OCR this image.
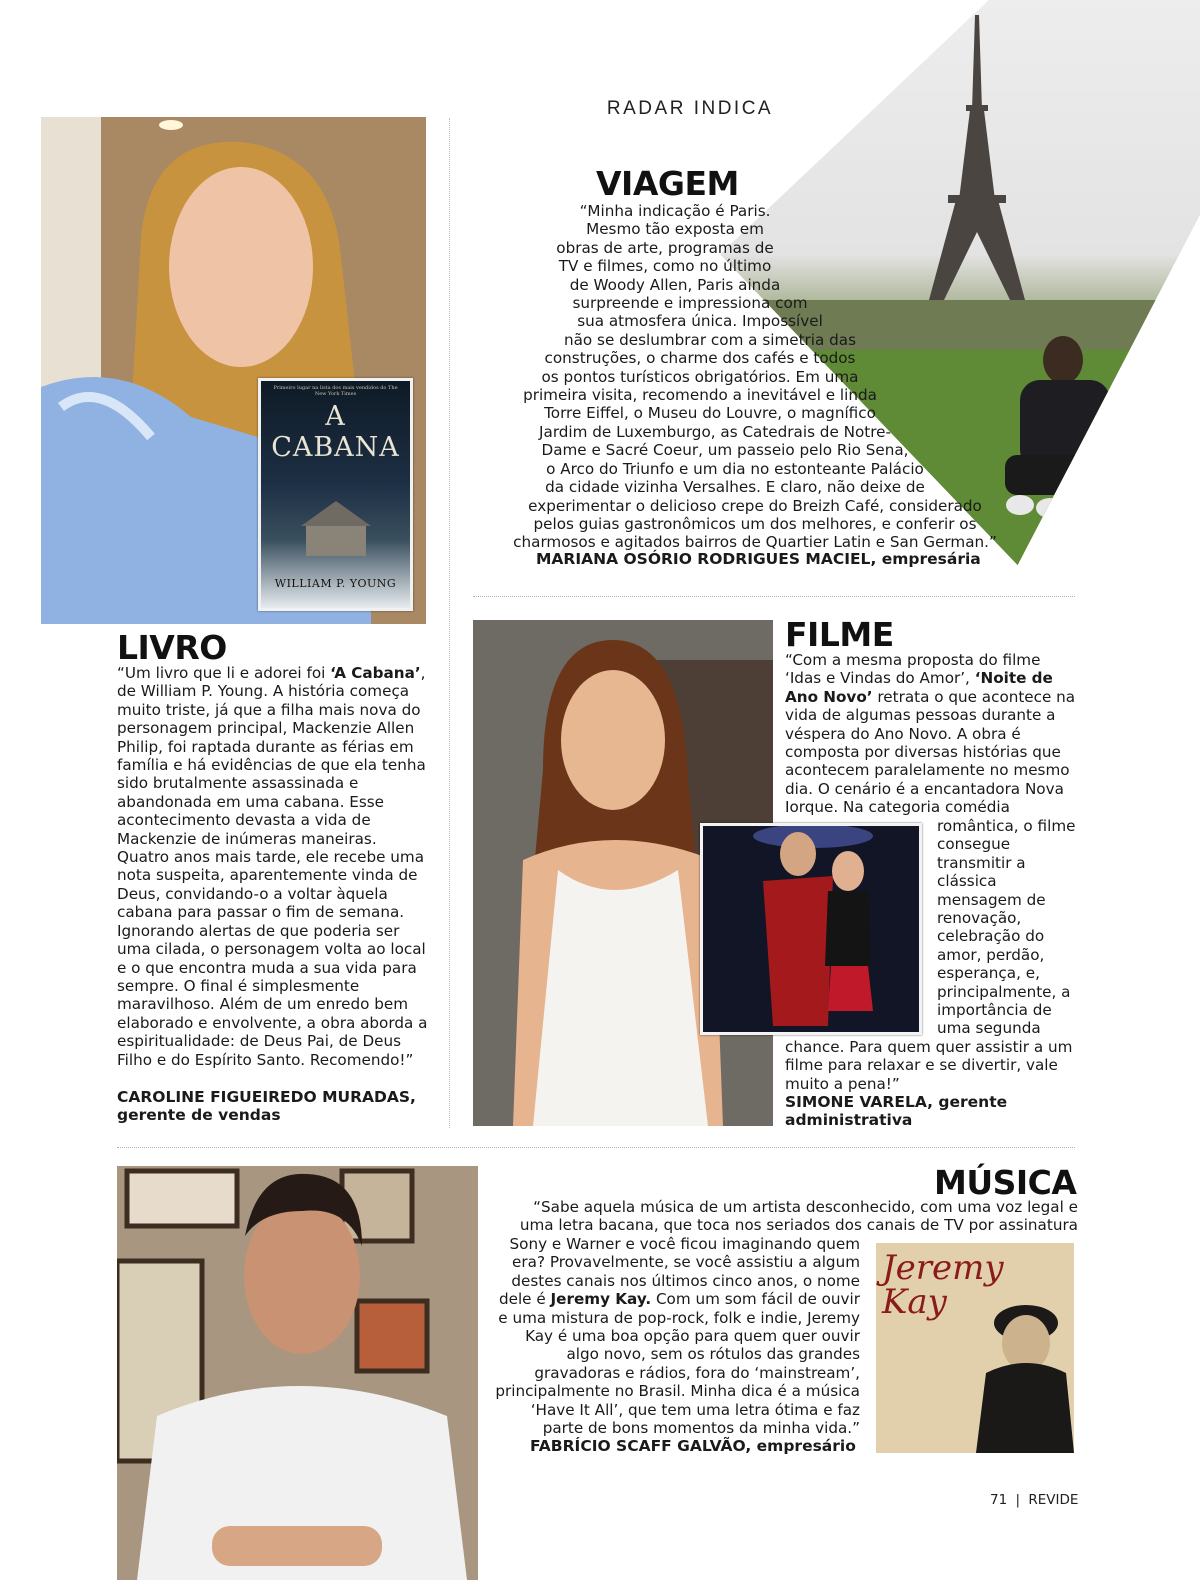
RADAR INDICA
VIAGEM
“Minha indicação é Paris.
Mesmo tão exposta em
obras de arte, programas de
TV e filmes, como no último
de Woody Allen, Paris ainda
surpreende e impressiona com
sua atmosfera única. Impossível
não se deslumbrar com a simetria das
construções, o charme dos cafés e todos
os pontos turísticos obrigatórios. Em uma
primeira visita, recomendo a inevitável e linda
Torre Eiffel, o Museu do Louvre, o magnífico
Jardim de Luxemburgo, as Catedrais de Notre-
Dame e Sacré Coeur, um passeio pelo Rio Sena,
o Arco do Triunfo e um dia no estonteante Palácio
da cidade vizinha Versalhes. E claro, não deixe de
experimentar o delicioso crepe do Breizh Café, considerado
pelos guias gastronômicos um dos melhores, e conferir os
charmosos e agitados bairros de Quartier Latin e San German.”
MARIANA OSÓRIO RODRIGUES MACIEL, empresária
Primeiro lugar na lista dos mais vendidos do The New York Times
A
CABANA
WILLIAM P. YOUNG
LIVRO
“Um livro que li e adorei foi ‘A Cabana’, de William P. Young. A história começa muito triste, já que a filha mais nova do personagem principal, Mackenzie Allen Philip, foi raptada durante as férias em família e há evidências de que ela tenha sido brutalmente assassinada e abandonada em uma cabana. Esse acontecimento devasta a vida de Mackenzie de inúmeras maneiras. Quatro anos mais tarde, ele recebe uma nota suspeita, aparentemente vinda de Deus, convidando-o a voltar àquela cabana para passar o fim de semana. Ignorando alertas de que poderia ser uma cilada, o personagem volta ao local e o que encontra muda a sua vida para sempre. O final é simplesmente maravilhoso. Além de um enredo bem elaborado e envolvente, a obra aborda a espiritualidade: de Deus Pai, de Deus Filho e do Espírito Santo. Recomendo!”
CAROLINE FIGUEIREDO MURADAS,
gerente de vendas
FILME
“Com a mesma proposta do filme ‘Idas e Vindas do Amor’, ‘Noite de Ano Novo’ retrata o que acontece na vida de algumas pessoas durante a véspera do Ano Novo. A obra é composta por diversas histórias que acontecem paralelamente no mesmo dia. O cenário é a encantadora Nova Iorque. Na categoria comédia
romântica, o filme consegue transmitir a clássica mensagem de renovação, celebração do amor, perdão, esperança, e, principalmente, a importância de uma segunda
chance. Para quem quer assistir a um filme para relaxar e se divertir, vale muito a pena!”
SIMONE VARELA, gerente
administrativa
Jeremy Kay
MÚSICA
“Sabe aquela música de um artista desconhecido, com uma voz legal e uma letra bacana, que toca nos seriados dos canais de TV por assinatura
Sony e Warner e você ficou imaginando quem era? Provavelmente, se você assistiu a algum destes canais nos últimos cinco anos, o nome dele é Jeremy Kay. Com um som fácil de ouvir e uma mistura de pop-rock, folk e indie, Jeremy Kay é uma boa opção para quem quer ouvir algo novo, sem os rótulos das grandes gravadoras e rádios, fora do ‘mainstream’, principalmente no Brasil. Minha dica é a música ‘Have It All’, que tem uma letra ótima e faz parte de bons momentos da minha vida.”
FABRÍCIO SCAFF GALVÃO, empresário
71 | REVIDE
